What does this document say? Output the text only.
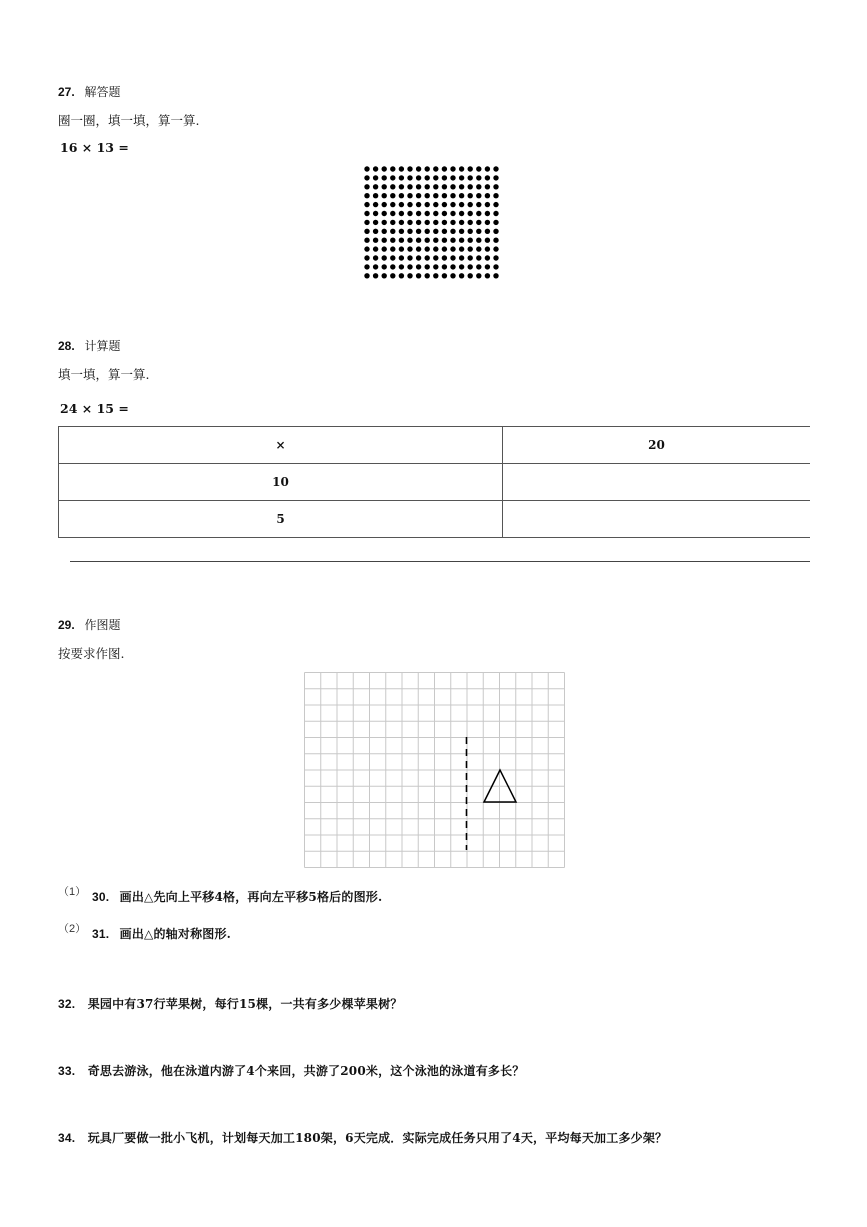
27. 解答题
圈一圈，填一填，算一算.
16 × 13 =
28. 计算题
填一填，算一算.
24 × 15 =
×	20
10	
5	
29. 作图题
按要求作图.
（1） 30. 画出△先向上平移4格，再向左平移5格后的图形.
（2） 31. 画出△的轴对称图形.
32. 果园中有37行苹果树，每行15棵，一共有多少棵苹果树？
33. 奇思去游泳，他在泳道内游了4个来回，共游了200米，这个泳池的泳道有多长？
34. 玩具厂要做一批小飞机，计划每天加工180架，6天完成．实际完成任务只用了4天，平均每天加工多少架？
